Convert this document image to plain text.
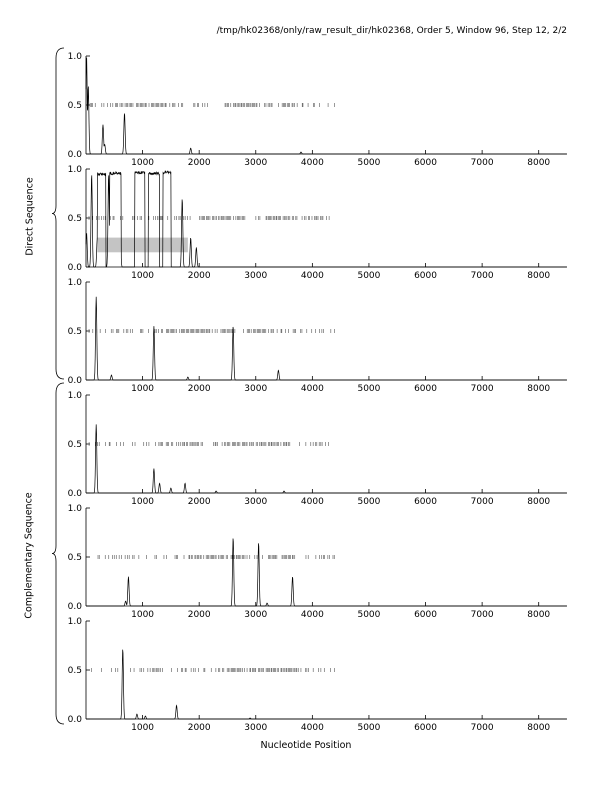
/tmp/hk02368/only/raw_result_dir/hk02368, Order 5, Window 96, Step 12, 2/2
0.0
0.5
1.0
1000	2000	3000	4000	5000	6000	7000	8000
0.0
0.5
1.0
1000	2000	3000	4000	5000	6000	7000	8000
0.0
0.5
1.0
1000	2000	3000	4000	5000	6000	7000	8000
0.0
0.5
1.0
1000	2000	3000	4000	5000	6000	7000	8000
0.0
0.5
1.0
1000	2000	3000	4000	5000	6000	7000	8000
0.0
0.5
1.0
1000	2000	3000	4000	5000	6000	7000	8000
Direct Sequence
Complementary Sequence
Nucleotide Position
